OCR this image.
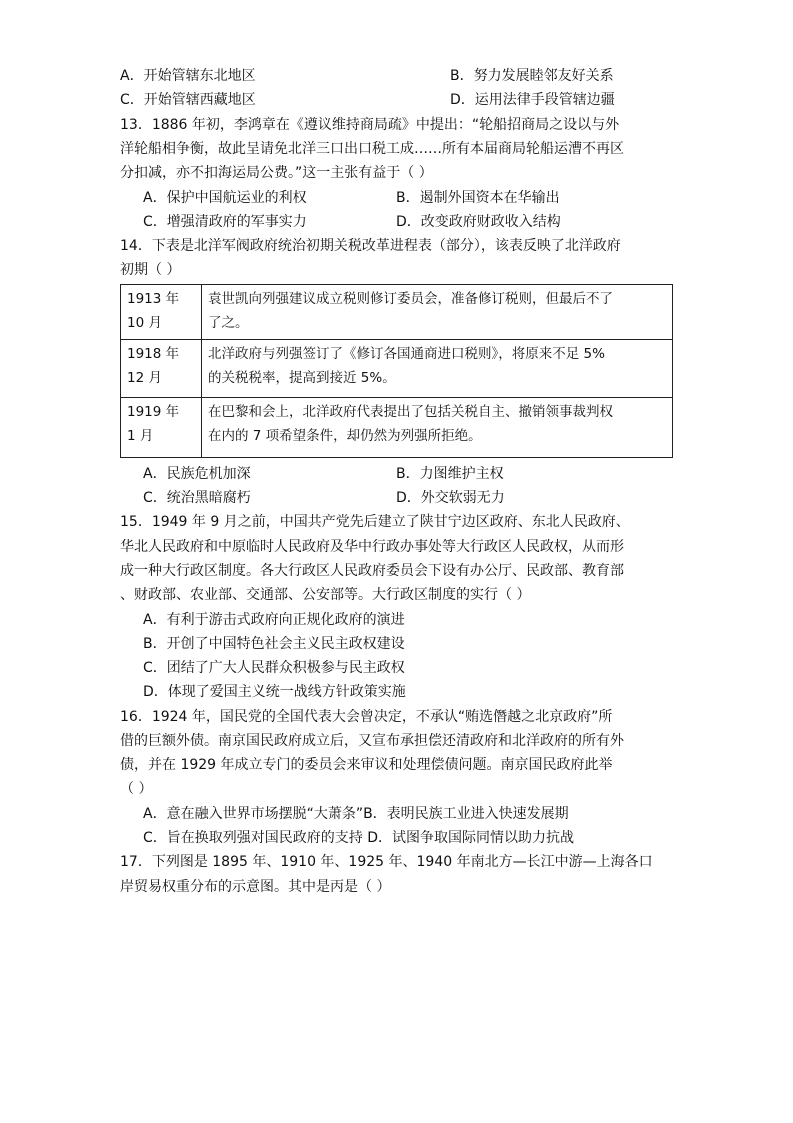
A．开始管辖东北地区	B．努力发展睦邻友好关系
C．开始管辖西藏地区	D．运用法律手段管辖边疆
13．1886 年初，李鸿章在《遵议维持商局疏》中提出：“轮船招商局之设以与外
洋轮船相争衡，故此呈请免北洋三口出口税工成……所有本届商局轮船运漕不再区
分扣减，亦不扣海运局公费。”这一主张有益于（ ）
A．保护中国航运业的利权	B．遏制外国资本在华输出
C．增强清政府的军事实力	D．改变政府财政收入结构
14．下表是北洋军阀政府统治初期关税改革进程表（部分），该表反映了北洋政府
初期（ ）
1913 年
10 月	袁世凯向列强建议成立税则修订委员会，准备修订税则，但最后不了
了之。

1918 年
12 月	北洋政府与列强签订了《修订各国通商进口税则》，将原来不足 5%
的关税税率，提高到接近 5%。

1919 年
1 月	在巴黎和会上，北洋政府代表提出了包括关税自主、撤销领事裁判权
在内的 7 项希望条件，却仍然为列强所拒绝。
A．民族危机加深	B．力图维护主权
C．统治黑暗腐朽	D．外交软弱无力
15．1949 年 9 月之前，中国共产党先后建立了陕甘宁边区政府、东北人民政府、
华北人民政府和中原临时人民政府及华中行政办事处等大行政区人民政权，从而形
成一种大行政区制度。各大行政区人民政府委员会下设有办公厅、民政部、教育部
、财政部、农业部、交通部、公安部等。大行政区制度的实行（ ）
A．有利于游击式政府向正规化政府的演进
B．开创了中国特色社会主义民主政权建设
C．团结了广大人民群众积极参与民主政权
D．体现了爱国主义统一战线方针政策实施
16．1924 年，国民党的全国代表大会曾决定，不承认“贿选僭越之北京政府”所
借的巨额外债。南京国民政府成立后，又宣布承担偿还清政府和北洋政府的所有外
债，并在 1929 年成立专门的委员会来审议和处理偿债问题。南京国民政府此举
（ ）
A．意在融入世界市场摆脱“大萧条”B．表明民族工业进入快速发展期
C．旨在换取列强对国民政府的支持 D．试图争取国际同情以助力抗战
17．下列图是 1895 年、1910 年、1925 年、1940 年南北方—长江中游—上海各口
岸贸易权重分布的示意图。其中是丙是（ ）
